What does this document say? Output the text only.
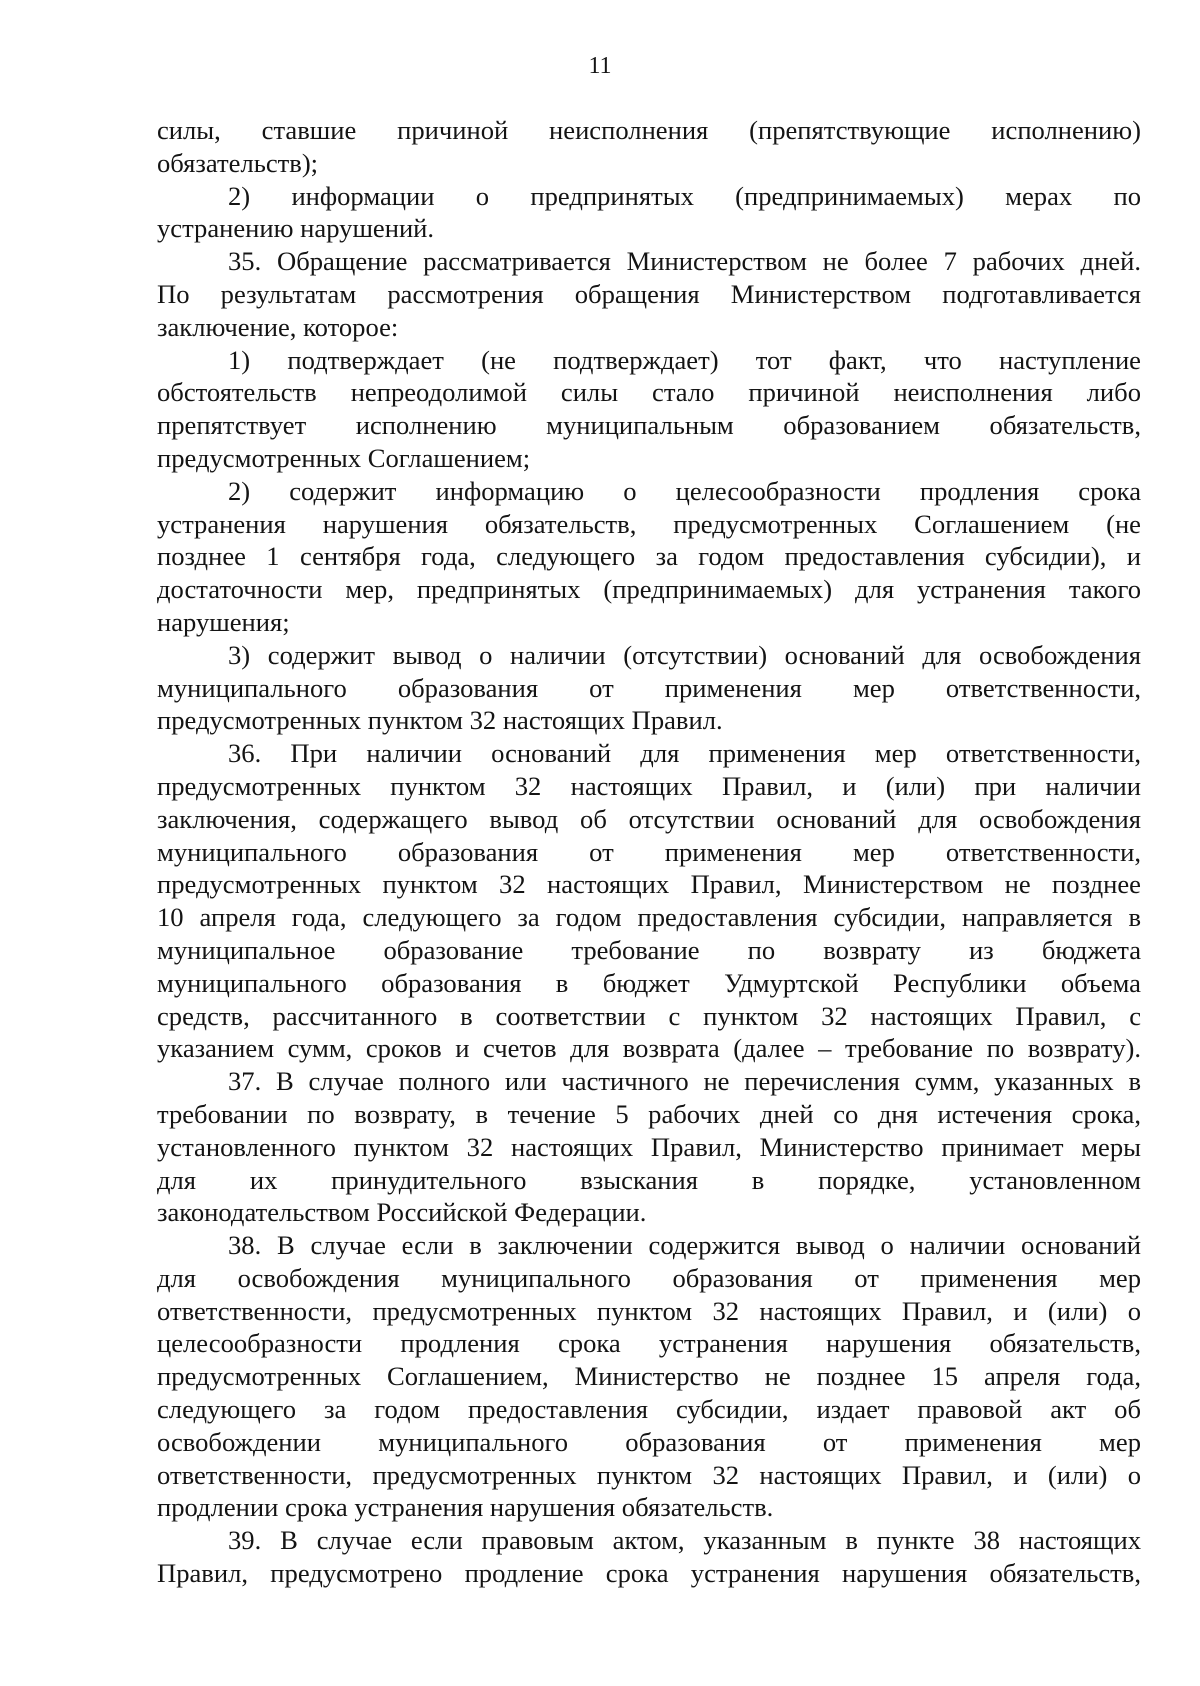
11
силы, ставшие причиной неисполнения (препятствующие исполнению)
обязательств);
2) информации о предпринятых (предпринимаемых) мерах по
устранению нарушений.
35. Обращение рассматривается Министерством не более 7 рабочих дней.
По результатам рассмотрения обращения Министерством подготавливается
заключение, которое:
1) подтверждает (не подтверждает) тот факт, что наступление
обстоятельств непреодолимой силы стало причиной неисполнения либо
препятствует исполнению муниципальным образованием обязательств,
предусмотренных Соглашением;
2) содержит информацию о целесообразности продления срока
устранения нарушения обязательств, предусмотренных Соглашением (не
позднее 1 сентября года, следующего за годом предоставления субсидии), и
достаточности мер, предпринятых (предпринимаемых) для устранения такого
нарушения;
3) содержит вывод о наличии (отсутствии) оснований для освобождения
муниципального образования от применения мер ответственности,
предусмотренных пунктом 32 настоящих Правил.
36. При наличии оснований для применения мер ответственности,
предусмотренных пунктом 32 настоящих Правил, и (или) при наличии
заключения, содержащего вывод об отсутствии оснований для освобождения
муниципального образования от применения мер ответственности,
предусмотренных пунктом 32 настоящих Правил, Министерством не позднее
10 апреля года, следующего за годом предоставления субсидии, направляется в
муниципальное образование требование по возврату из бюджета
муниципального образования в бюджет Удмуртской Республики объема
средств, рассчитанного в соответствии с пунктом 32 настоящих Правил, с
указанием сумм, сроков и счетов для возврата (далее – требование по возврату).
37. В случае полного или частичного не перечисления сумм, указанных в
требовании по возврату, в течение 5 рабочих дней со дня истечения срока,
установленного пунктом 32 настоящих Правил, Министерство принимает меры
для их принудительного взыскания в порядке, установленном
законодательством Российской Федерации.
38. В случае если в заключении содержится вывод о наличии оснований
для освобождения муниципального образования от применения мер
ответственности, предусмотренных пунктом 32 настоящих Правил, и (или) о
целесообразности продления срока устранения нарушения обязательств,
предусмотренных Соглашением, Министерство не позднее 15 апреля года,
следующего за годом предоставления субсидии, издает правовой акт об
освобождении муниципального образования от применения мер
ответственности, предусмотренных пунктом 32 настоящих Правил, и (или) о
продлении срока устранения нарушения обязательств.
39. В случае если правовым актом, указанным в пункте 38 настоящих
Правил, предусмотрено продление срока устранения нарушения обязательств,
